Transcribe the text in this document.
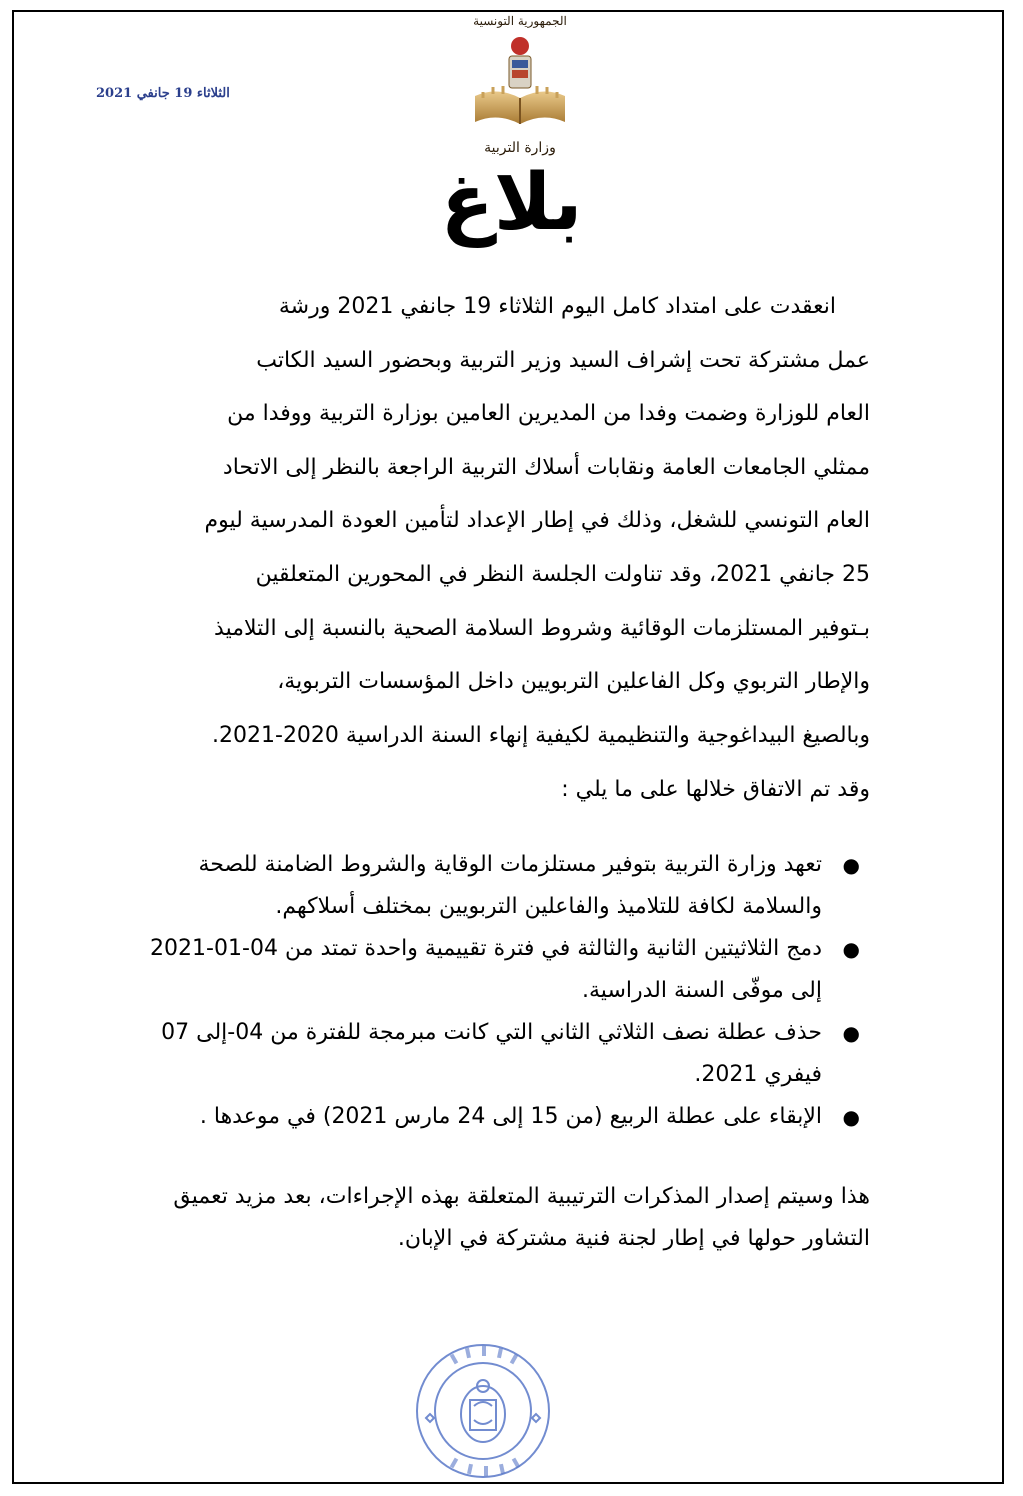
الثلاثاء 19 جانفي 2021
الجمهورية التونسية
وزارة التربية
بلاغ

انعقدت على امتداد كامل اليوم الثلاثاء 19 جانفي 2021 ورشة

عمل مشتركة تحت إشراف السيد وزير التربية وبحضور السيد الكاتب

العام للوزارة وضمت وفدا من المديرين العامين بوزارة التربية ووفدا من

ممثلي الجامعات العامة ونقابات أسلاك التربية الراجعة بالنظر إلى الاتحاد

العام التونسي للشغل، وذلك في إطار الإعداد لتأمين العودة المدرسية ليوم

25 جانفي 2021، وقد تناولت الجلسة النظر في المحورين المتعلقين

بـتوفير المستلزمات الوقائية وشروط السلامة الصحية بالنسبة إلى التلاميذ

والإطار التربوي وكل الفاعلين التربويين داخل المؤسسات التربوية،

وبالصيغ البيداغوجية والتنظيمية لكيفية إنهاء السنة الدراسية 2020-2021.

وقد تم الاتفاق خلالها على ما يلي :

●
تعهد وزارة التربية بتوفير مستلزمات الوقاية والشروط الضامنة للصحة والسلامة لكافة للتلاميذ والفاعلين التربويين بمختلف أسلاكهم.
●
دمج الثلاثيتين الثانية والثالثة في فترة تقييمية واحدة تمتد من 04-01-2021 إلى موفّى السنة الدراسية.
●
حذف عطلة نصف الثلاثي الثاني التي كانت مبرمجة للفترة من 04-إلى 07 فيفري 2021.
●
الإبقاء على عطلة الربيع (من 15 إلى 24 مارس 2021) في موعدها .

هذا وسيتم إصدار المذكرات الترتيبية المتعلقة بهذه الإجراءات، بعد مزيد تعميق التشاور حولها في إطار لجنة فنية مشتركة في الإبان.
